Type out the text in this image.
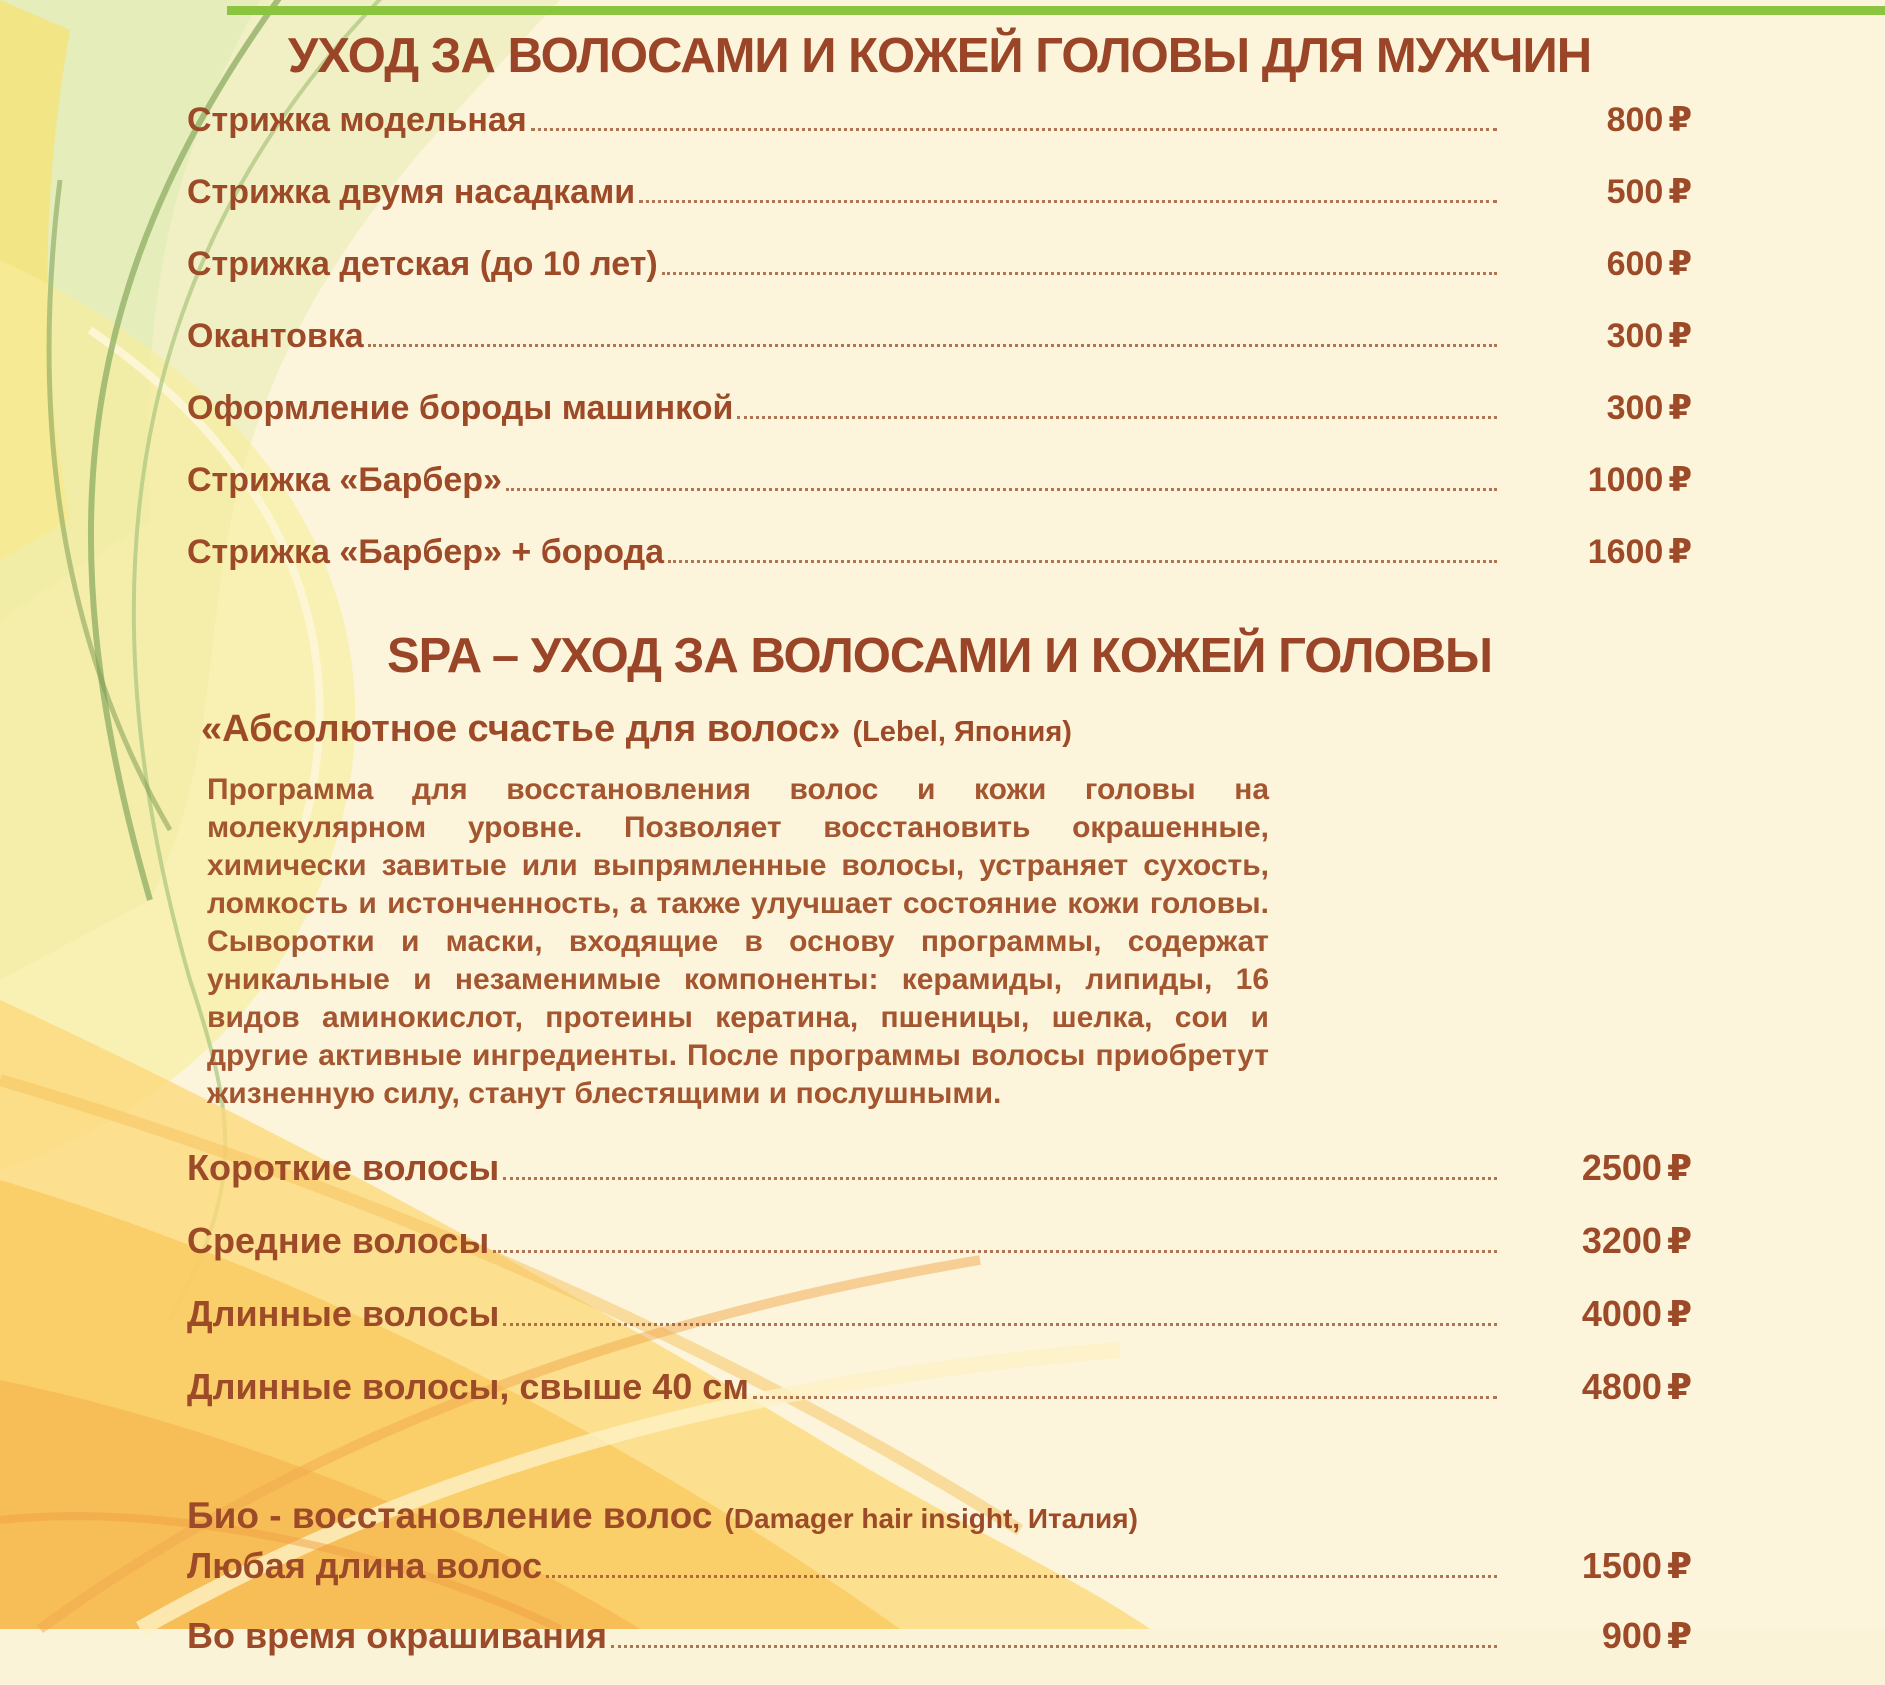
УХОД ЗА ВОЛОСАМИ И КОЖЕЙ ГОЛОВЫ ДЛЯ МУЖЧИН
Стрижка модельная	800 ₽
Стрижка двумя насадками	500 ₽
Стрижка детская (до 10 лет)	600 ₽
Окантовка	300 ₽
Оформление бороды машинкой	300 ₽
Стрижка «Барбер»	1000 ₽
Стрижка «Барбер» + борода	1600 ₽
SPA – УХОД ЗА ВОЛОСАМИ И КОЖЕЙ ГОЛОВЫ
«Абсолютное счастье для волос» (Lebel, Япония)

Программа для восстановления волос и кожи головы на молекулярном уровне. Позволяет восстановить окрашенные, химически завитые или выпрямленные волосы, устраняет сухость, ломкость и истонченность, а также улучшает состояние кожи головы. Сыворотки и маски, входящие в основу программы, содержат уникальные и незаменимые компоненты: керамиды, липиды, 16 видов аминокислот, протеины кератина, пшеницы, шелка, сои и другие активные ингредиенты. После программы волосы приобретут жизненную силу, станут блестящими и послушными.

Короткие волосы	2500 ₽
Средние волосы	3200 ₽
Длинные волосы	4000 ₽
Длинные волосы, свыше 40 см	4800 ₽
Био - восстановление волос (Damager hair insight, Италия)
Любая длина волос	1500 ₽
Во время окрашивания	900 ₽
